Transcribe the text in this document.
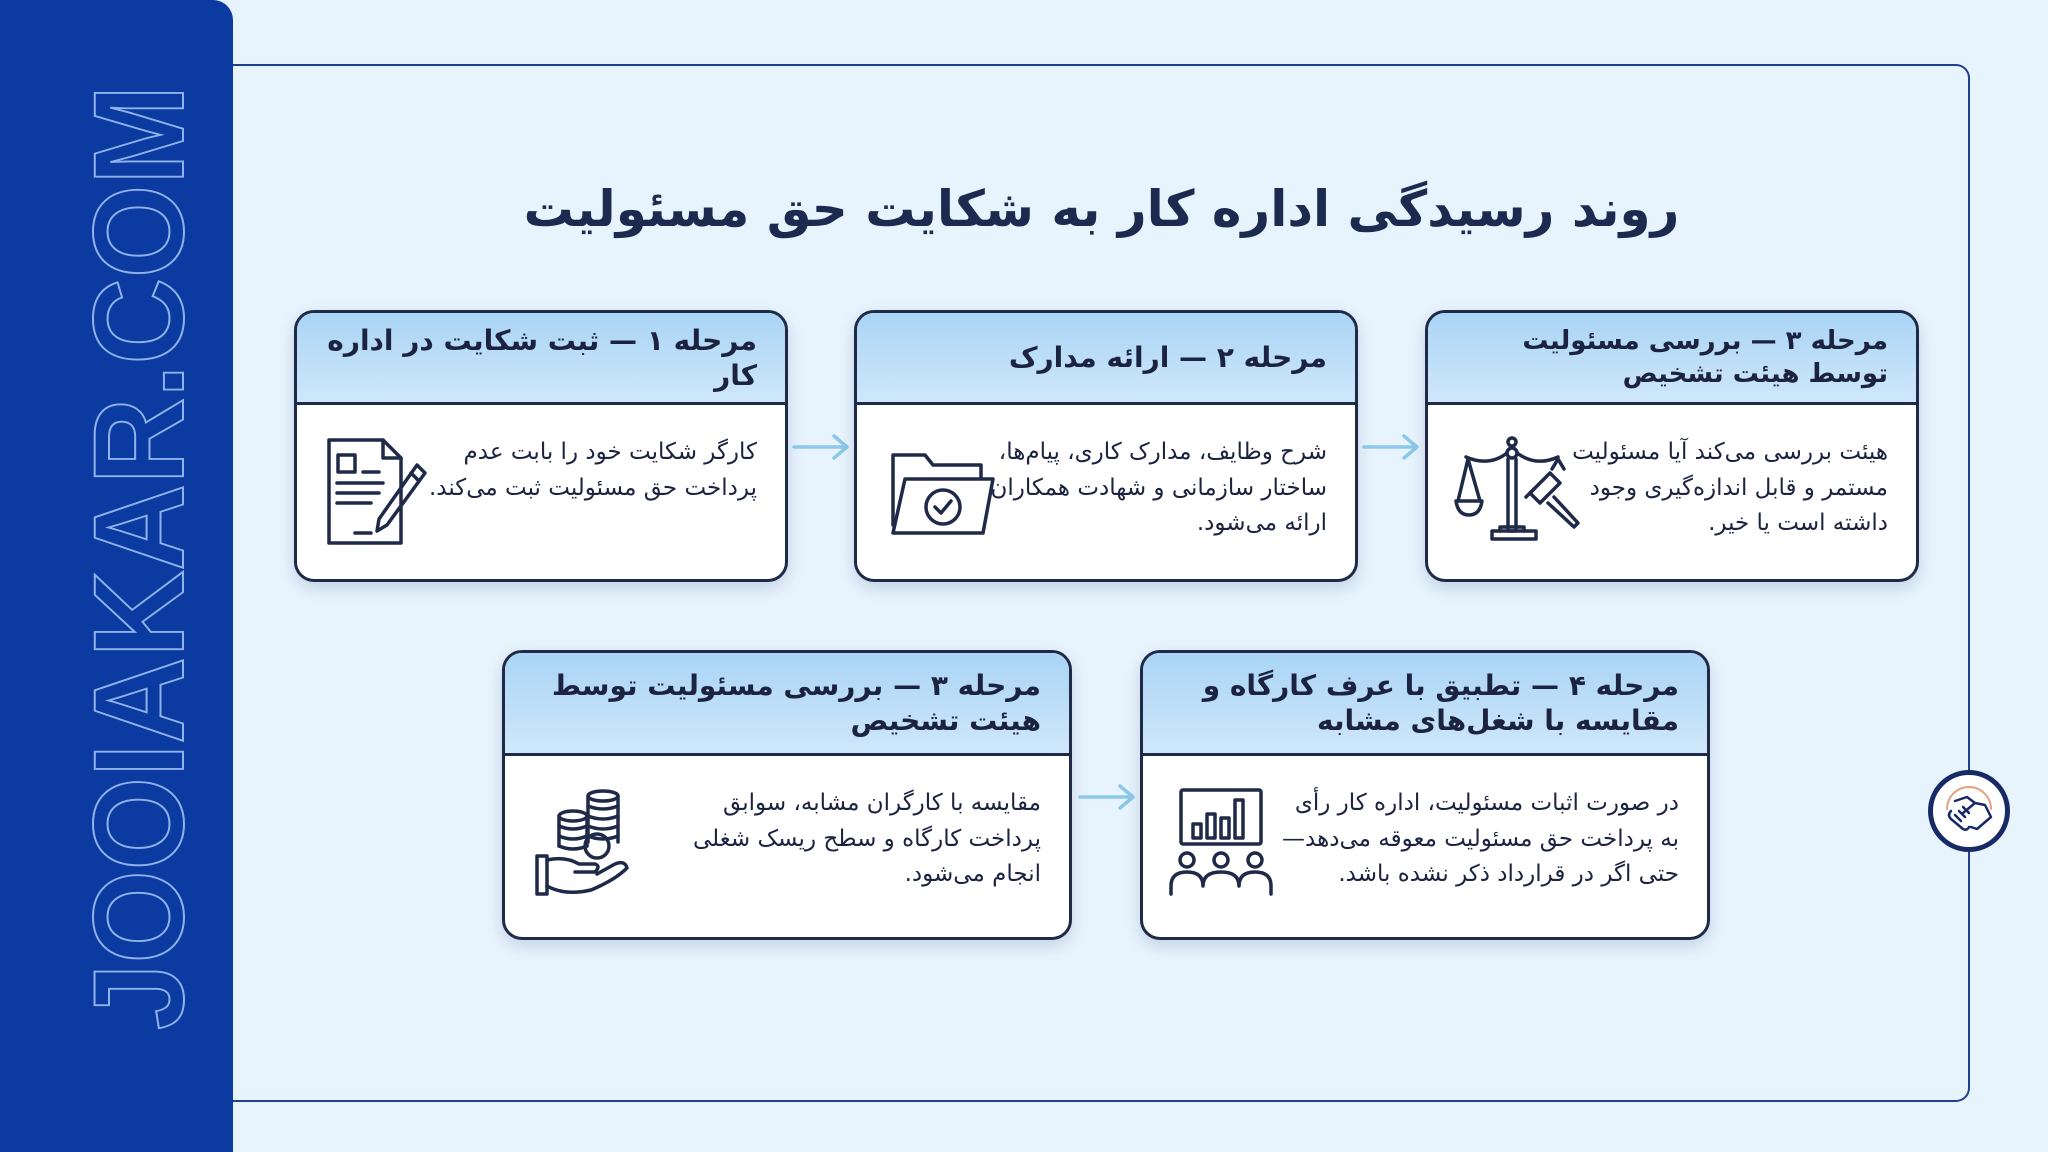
JOOIAKAR.COM	روند رسیدگی اداره کار به شکایت حق مسئولیت
مرحله ۱ — ثبت شکایت در اداره کار
کارگر شکایت خود را بابت عدم پرداخت حق مسئولیت ثبت می‌کند.
مرحله ۲ — ارائه مدارک
شرح وظایف، مدارک کاری، پیام‌ها، ساختار سازمانی و شهادت همکاران ارائه می‌شود.
مرحله ۳ — بررسی مسئولیت توسط هیئت تشخیص
هیئت بررسی می‌کند آیا مسئولیت مستمر و قابل اندازه‌گیری وجود داشته است یا خیر.
مرحله ۳ — بررسی مسئولیت توسط هیئت تشخیص
مقایسه با کارگران مشابه، سوابق پرداخت کارگاه و سطح ریسک شغلی انجام می‌شود.
مرحله ۴ — تطبیق با عرف کارگاه و مقایسه با شغل‌های مشابه
در صورت اثبات مسئولیت، اداره کار رأی به پرداخت حق مسئولیت معوقه می‌دهد—حتی اگر در قرارداد ذکر نشده باشد.
